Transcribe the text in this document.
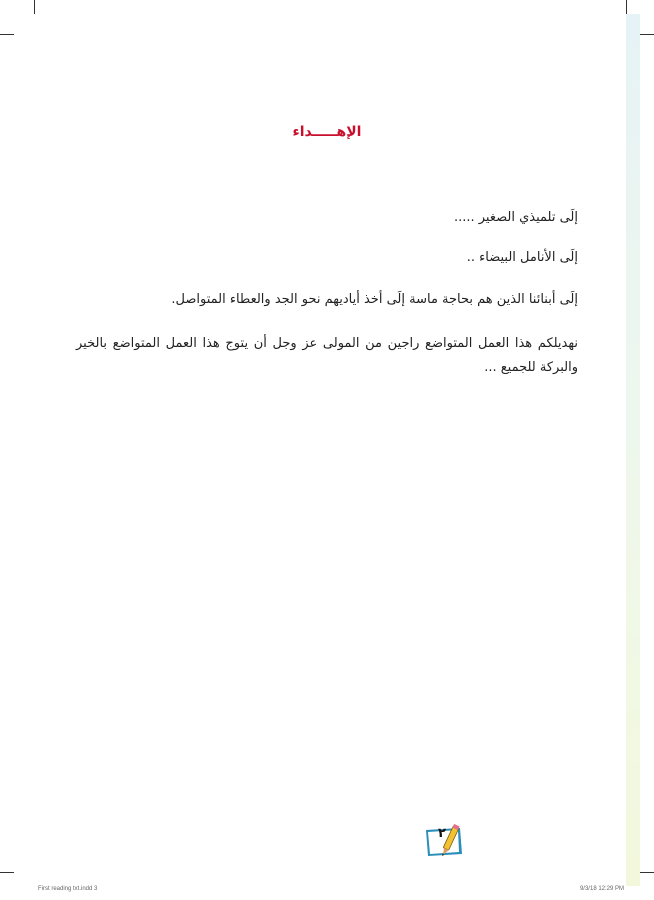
الإهـــــداء
إلَى تلميذي الصغير .....
إلَى الأنامل البيضاء ..
إلَى أبنائنا الذين هم بحاجة ماسة إلَى أخذ أياديهم نحو الجد والعطاء المتواصل.
نهديلكم هذا العمل المتواضع راجين من المولى عز وجل أن يتوج هذا العمل المتواضع بالخير والبركة للجميع ...
٢
First reading txt.indd 3	9/3/18 12:29 PM
